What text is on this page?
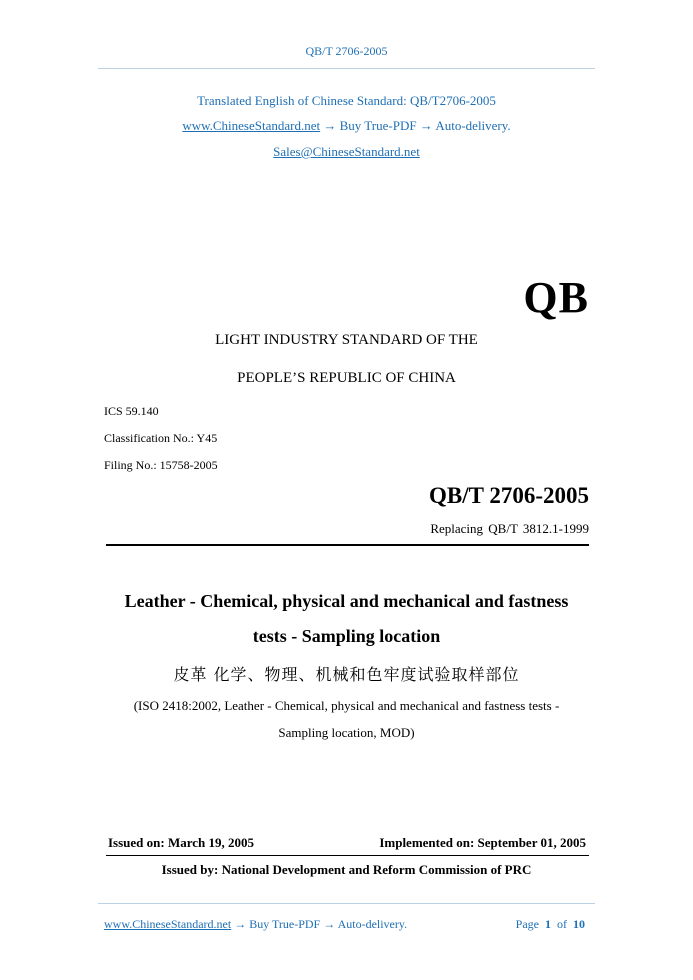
QB/T 2706-2005
Translated English of Chinese Standard: QB/T2706-2005
www.ChineseStandard.net → Buy True-PDF → Auto-delivery.
Sales@ChineseStandard.net
QB
LIGHT INDUSTRY STANDARD OF THE
PEOPLE’S REPUBLIC OF CHINA
ICS 59.140
Classification No.: Y45
Filing No.: 15758-2005
QB/T 2706-2005
Replacing QB/T 3812.1-1999
Leather - Chemical, physical and mechanical and fastness
tests - Sampling location
皮革 化学、物理、机械和色牢度试验取样部位
(ISO 2418:2002, Leather - Chemical, physical and mechanical and fastness tests -
Sampling location, MOD)
Issued on: March 19, 2005	Implemented on: September 01, 2005
Issued by: National Development and Reform Commission of PRC
www.ChineseStandard.net → Buy True-PDF → Auto-delivery.	Page 1 of 10
